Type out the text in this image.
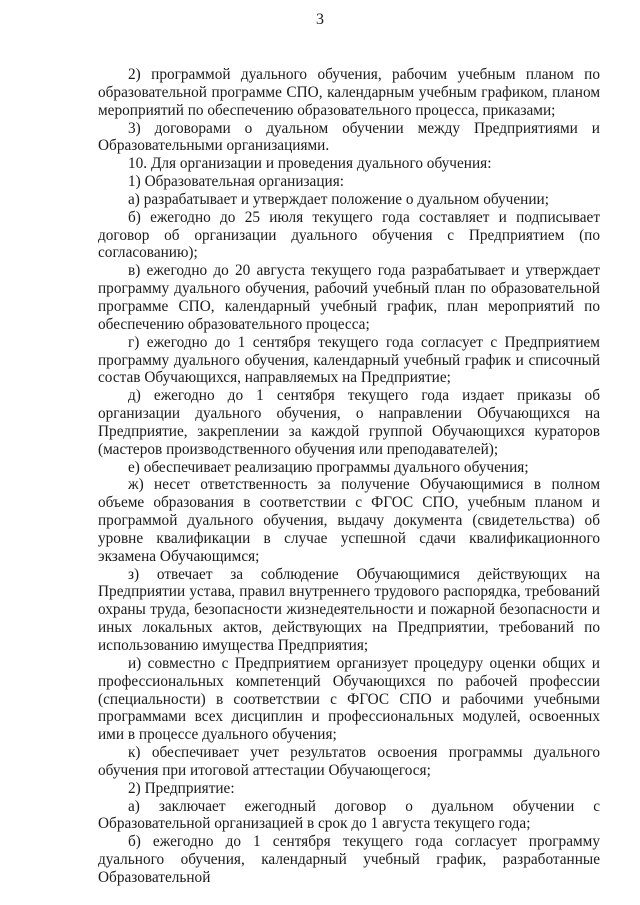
3

2) программой дуального обучения, рабочим учебным планом по образовательной программе СПО, календарным учебным графиком, планом мероприятий по обеспечению образовательного процесса, приказами;

3) договорами о дуальном обучении между Предприятиями и Образовательными организациями.

10. Для организации и проведения дуального обучения:

1) Образовательная организация:

а) разрабатывает и утверждает положение о дуальном обучении;

б) ежегодно до 25 июля текущего года составляет и подписывает договор об организации дуального обучения с Предприятием (по согласованию);

в) ежегодно до 20 августа текущего года разрабатывает и утверждает программу дуального обучения, рабочий учебный план по образовательной программе СПО, календарный учебный график, план мероприятий по обеспечению образовательного процесса;

г) ежегодно до 1 сентября текущего года согласует с Предприятием программу дуального обучения, календарный учебный график и списочный состав Обучающихся, направляемых на Предприятие;

д) ежегодно до 1 сентября текущего года издает приказы об организации дуального обучения, о направлении Обучающихся на Предприятие, закреплении за каждой группой Обучающихся кураторов (мастеров производственного обучения или преподавателей);

е) обеспечивает реализацию программы дуального обучения;

ж) несет ответственность за получение Обучающимися в полном объеме образования в соответствии с ФГОС СПО, учебным планом и программой дуального обучения, выдачу документа (свидетельства) об уровне квалификации в случае успешной сдачи квалификационного экзамена Обучающимся;

з) отвечает за соблюдение Обучающимися действующих на Предприятии устава, правил внутреннего трудового распорядка, требований охраны труда, безопасности жизнедеятельности и пожарной безопасности и иных локальных актов, действующих на Предприятии, требований по использованию имущества Предприятия;

и) совместно с Предприятием организует процедуру оценки общих и профессиональных компетенций Обучающихся по рабочей профессии (специальности) в соответствии с ФГОС СПО и рабочими учебными программами всех дисциплин и профессиональных модулей, освоенных ими в процессе дуального обучения;

к) обеспечивает учет результатов освоения программы дуального обучения при итоговой аттестации Обучающегося;

2) Предприятие:

а) заключает ежегодный договор о дуальном обучении с Образовательной организацией в срок до 1 августа текущего года;

б) ежегодно до 1 сентября текущего года согласует программу дуального обучения, календарный учебный график, разработанные Образовательной
